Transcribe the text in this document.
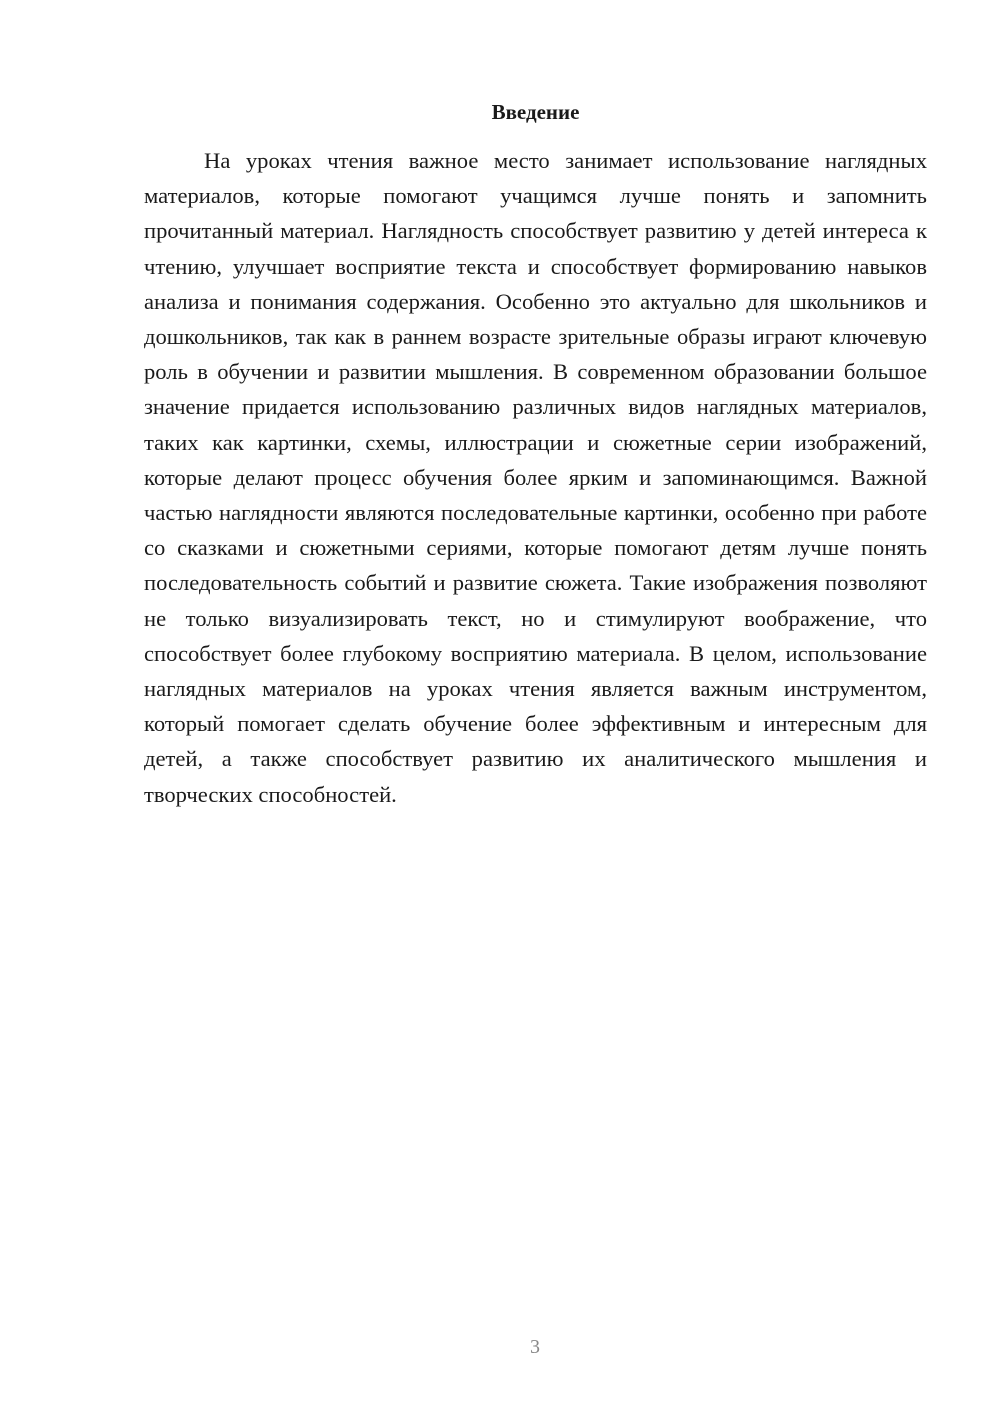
Введение

На уроках чтения важное место занимает использование наглядных материалов, которые помогают учащимся лучше понять и запомнить прочитанный материал. Наглядность способствует развитию у детей интереса к чтению, улучшает восприятие текста и способствует формированию навыков анализа и понимания содержания. Особенно это актуально для школьников и дошкольников, так как в раннем возрасте зрительные образы играют ключевую роль в обучении и развитии мышления. В современном образовании большое значение придается использованию различных видов наглядных материалов, таких как картинки, схемы, иллюстрации и сюжетные серии изображений, которые делают процесс обучения более ярким и запоминающимся. Важной частью наглядности являются последовательные картинки, особенно при работе со сказками и сюжетными сериями, которые помогают детям лучше понять последовательность событий и развитие сюжета. Такие изображения позволяют не только визуализировать текст, но и стимулируют воображение, что способствует более глубокому восприятию материала. В целом, использование наглядных материалов на уроках чтения является важным инструментом, который помогает сделать обучение более эффективным и интересным для детей, а также способствует развитию их аналитического мышления и творческих способностей.

3
